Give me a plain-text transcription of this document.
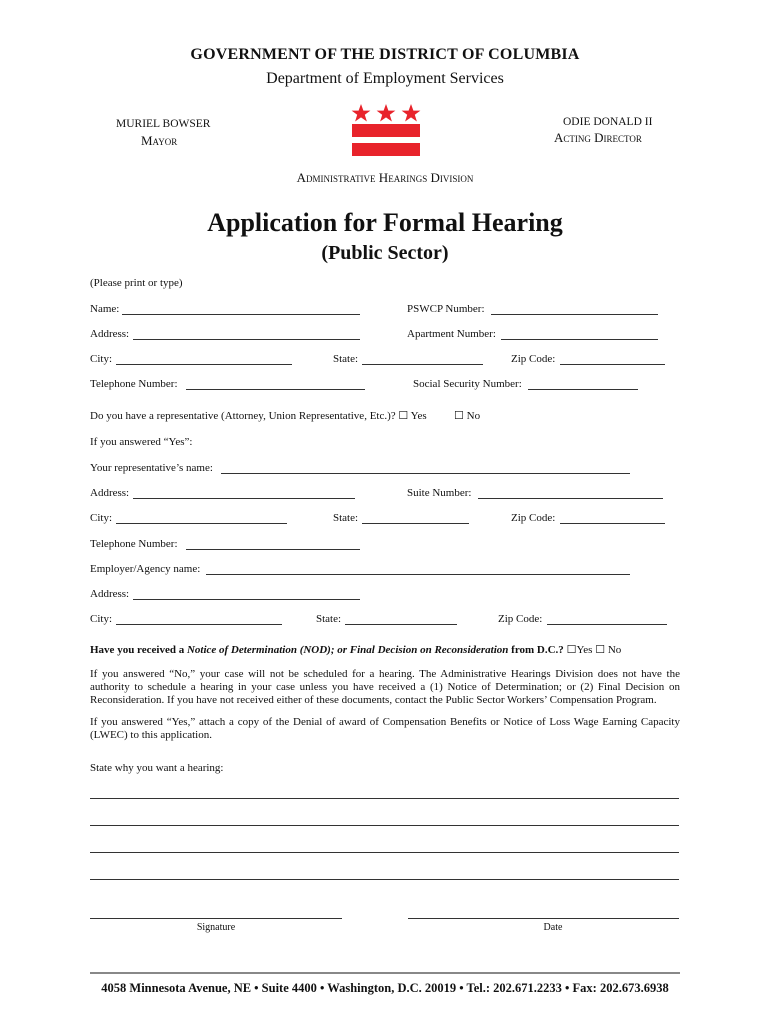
GOVERNMENT OF THE DISTRICT OF COLUMBIA
Department of Employment Services
MURIEL BOWSER
Mayor
ODIE DONALD II
Acting Director
Administrative Hearings Division
Application for Formal Hearing
(Public Sector)
(Please print or type)
Name:	PSWCP Number:
Address:	Apartment Number:
City:	State:	Zip Code:
Telephone Number:	Social Security Number:
Do you have a representative (Attorney, Union Representative, Etc.)? ☐ Yes ☐ No
If you answered “Yes”:
Your representative’s name:
Address:	Suite Number:
City:	State:	Zip Code:
Telephone Number:
Employer/Agency name:
Address:
City:	State:	Zip Code:
Have you received a Notice of Determination (NOD); or Final Decision on Reconsideration from D.C.? ☐Yes ☐ No
If you answered “No,” your case will not be scheduled for a hearing. The Administrative Hearings Division does not have the authority to schedule a hearing in your case unless you have received a (1) Notice of Determination; or (2) Final Decision on Reconsideration. If you have not received either of these documents, contact the Public Sector Workers’ Compensation Program.
If you answered “Yes,” attach a copy of the Denial of award of Compensation Benefits or Notice of Loss Wage Earning Capacity (LWEC) to this application.
State why you want a hearing:
Signature	Date
4058 Minnesota Avenue, NE • Suite 4400 • Washington, D.C. 20019 • Tel.: 202.671.2233 • Fax: 202.673.6938
